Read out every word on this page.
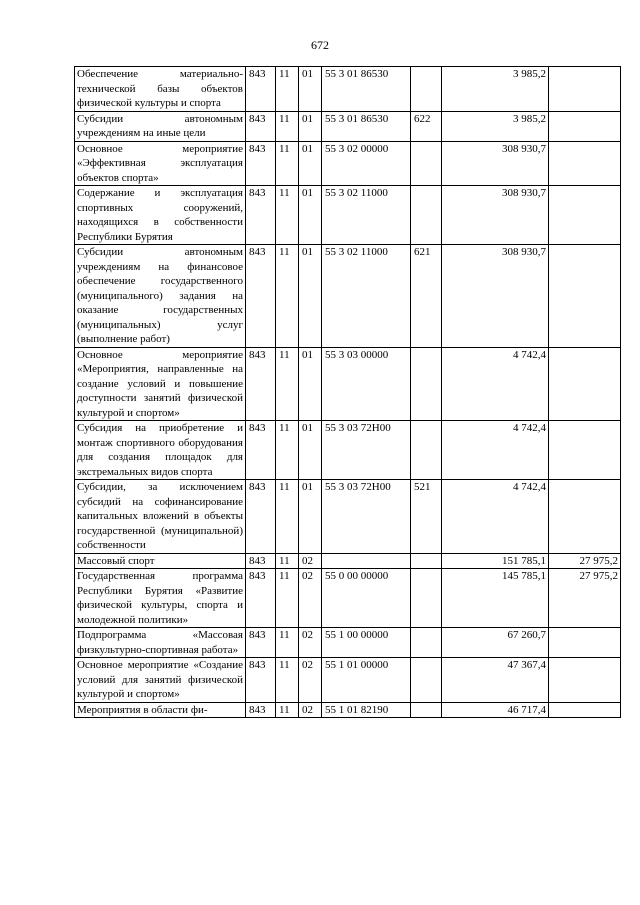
672
Обеспечение материально-технической базы объектов физической культуры и спорта	843	11	01	55 3 01 86530		3 985,2	
Субсидии автономным учреждениям на иные цели	843	11	01	55 3 01 86530	622	3 985,2	
Основное мероприятие «Эффективная эксплуатация объектов спорта»	843	11	01	55 3 02 00000		308 930,7	
Содержание и эксплуатация спортивных сооружений, находящихся в собственности Республики Бурятия	843	11	01	55 3 02 11000		308 930,7	
Субсидии автономным учреждениям на финансовое обеспечение государственного (муниципального) задания на оказание государственных (муниципальных) услуг (выполнение работ)	843	11	01	55 3 02 11000	621	308 930,7	
Основное мероприятие «Мероприятия, направленные на создание условий и повышение доступности занятий физической культурой и спортом»	843	11	01	55 3 03 00000		4 742,4	
Субсидия на приобретение и монтаж спортивного оборудования для создания площадок для экстремальных видов спорта	843	11	01	55 3 03 72Н00		4 742,4	
Субсидии, за исключением субсидий на софинансирование капитальных вложений в объекты государственной (муниципальной) собственности	843	11	01	55 3 03 72Н00	521	4 742,4	
Массовый спорт	843	11	02			151 785,1	27 975,2
Государственная программа Республики Бурятия «Развитие физической культуры, спорта и молодежной политики»	843	11	02	55 0 00 00000		145 785,1	27 975,2
Подпрограмма «Массовая физкультурно-спортивная работа»	843	11	02	55 1 00 00000		67 260,7	
Основное мероприятие «Создание условий для занятий физической культурой и спортом»	843	11	02	55 1 01 00000		47 367,4	
Мероприятия в области фи-	843	11	02	55 1 01 82190		46 717,4	
